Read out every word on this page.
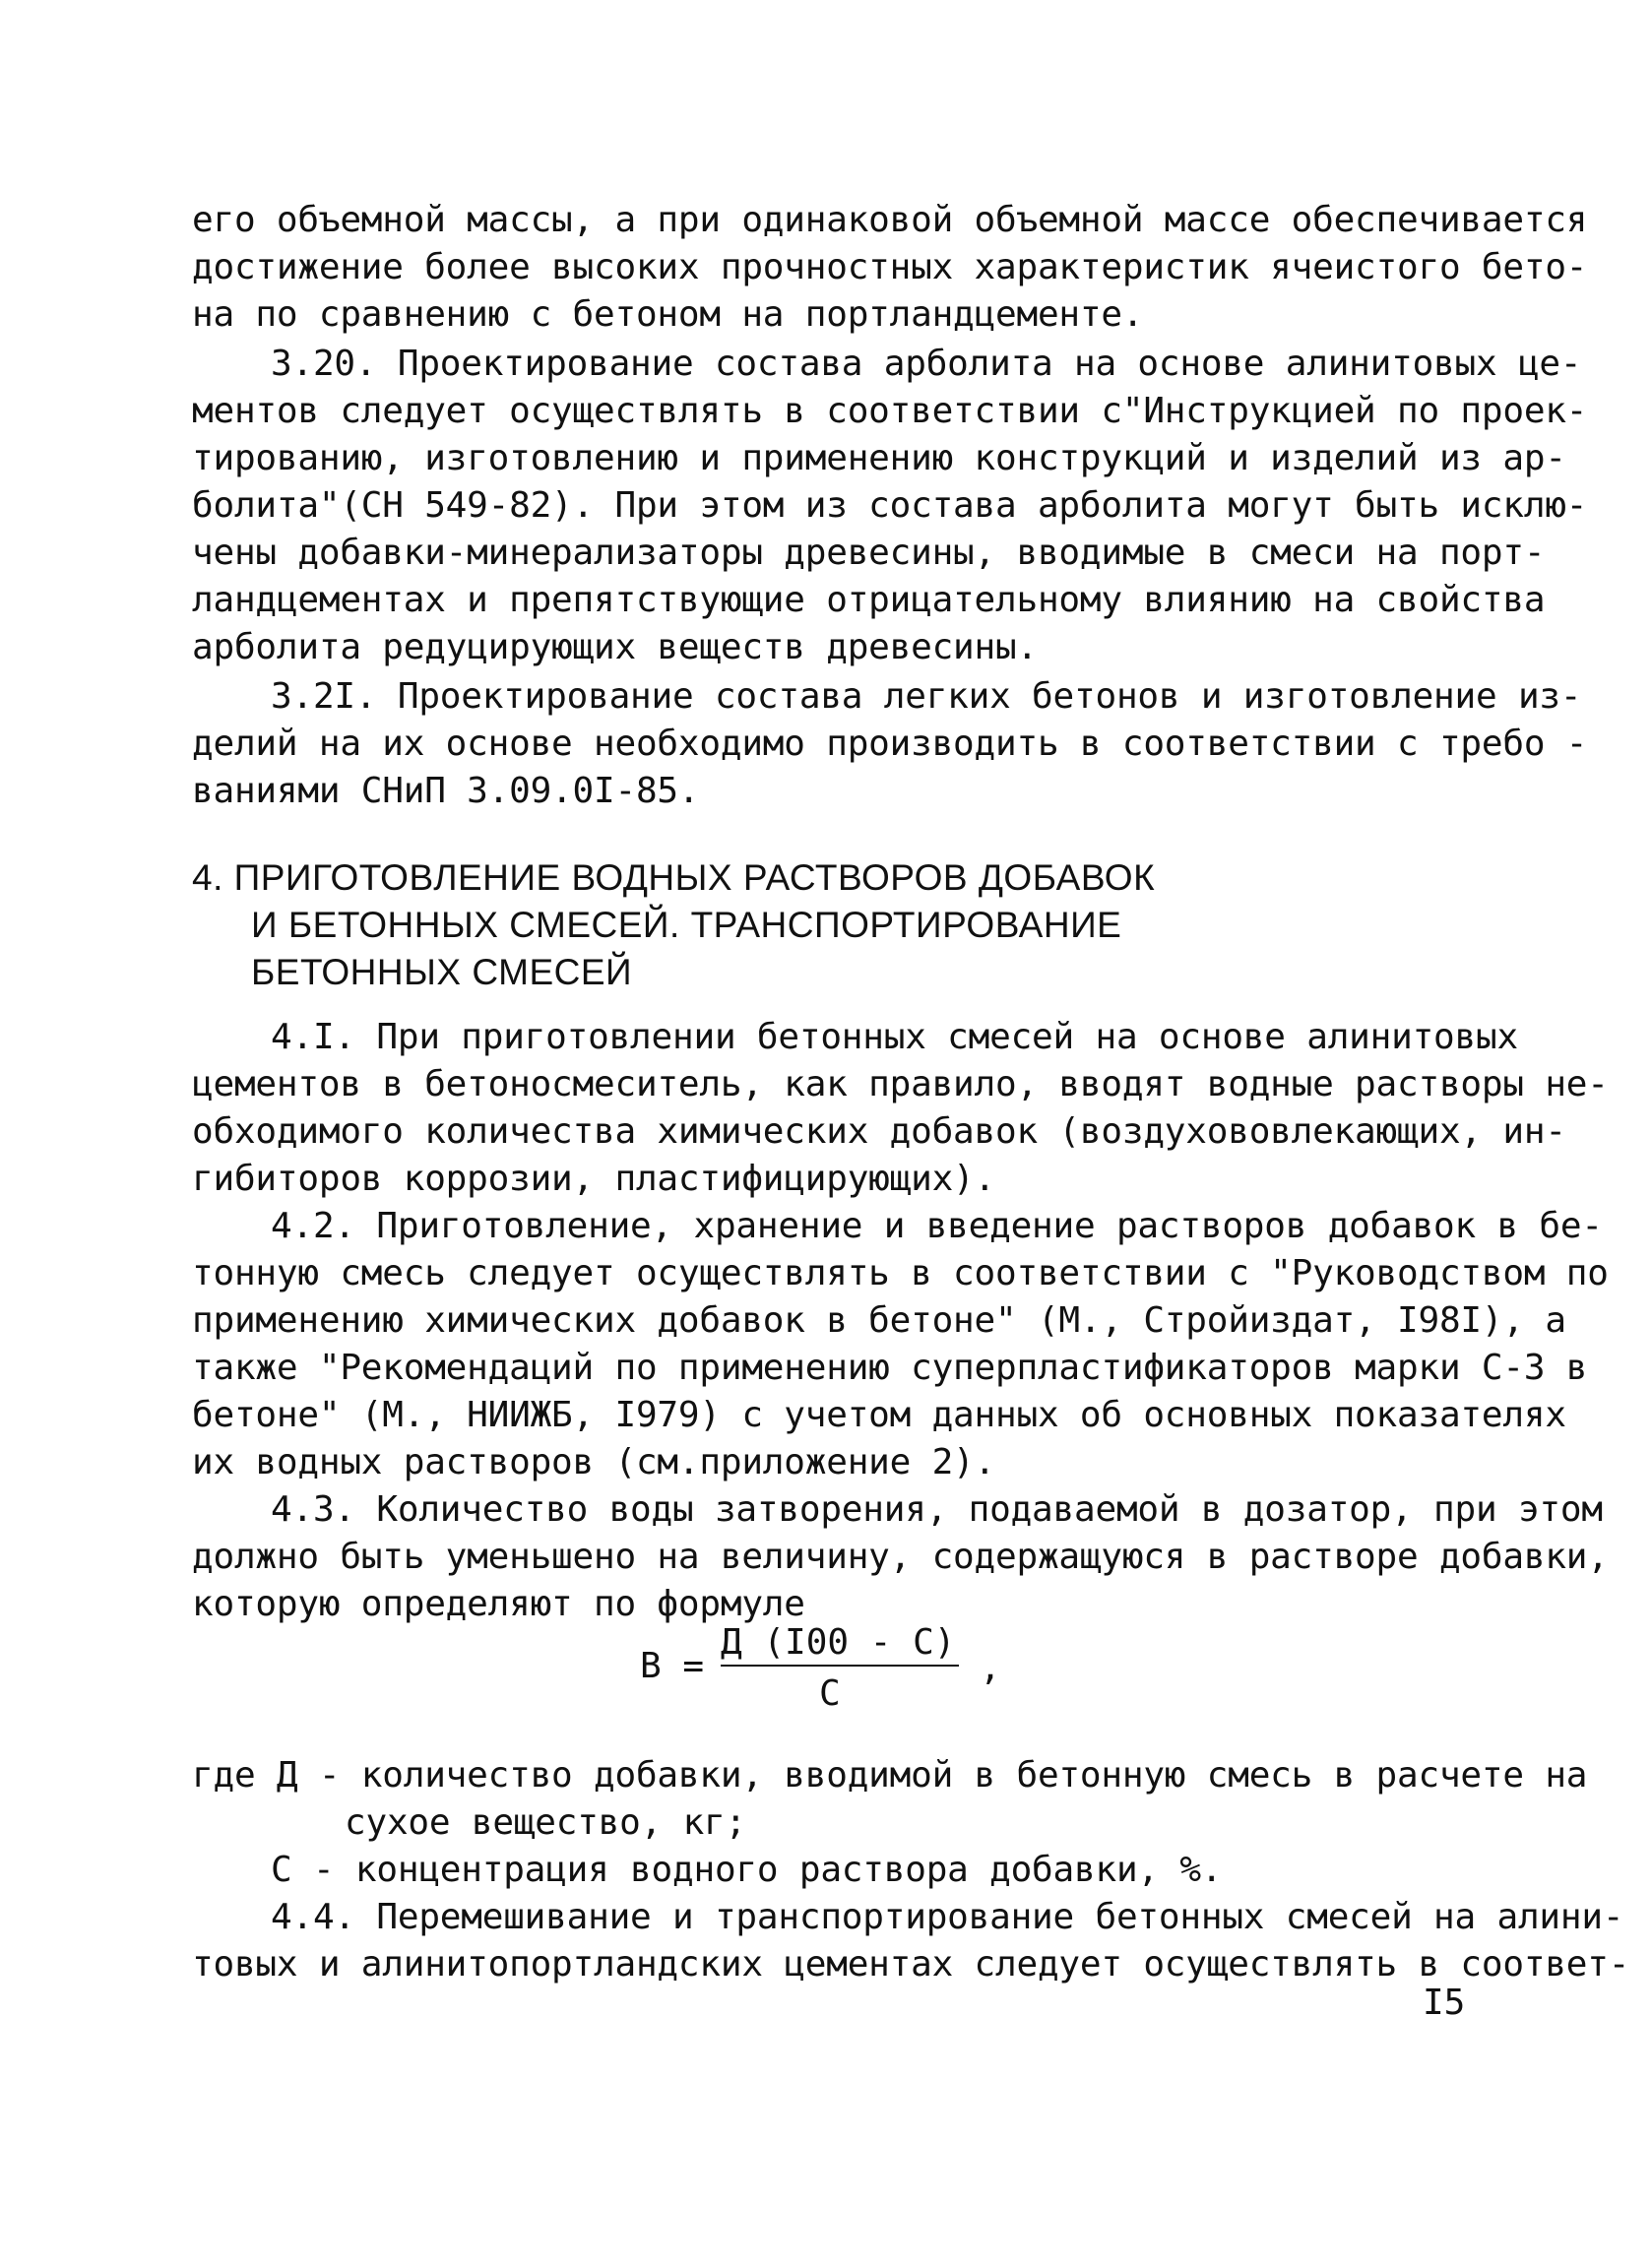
его объемной массы, а при одинаковой объемной массе обеспечивается
достижение более высоких прочностных характеристик ячеистого бето-
на по сравнению с бетоном на портландцементе.
3.20. Проектирование состава арболита на основе алинитовых це-
ментов следует осуществлять в соответствии с"Инструкцией по проек-
тированию, изготовлению и применению конструкций и изделий из ар-
болита"(СН 549-82). При этом из состава арболита могут быть исклю-
чены добавки-минерализаторы древесины, вводимые в смеси на порт-
ландцементах и препятствующие отрицательному влиянию на свойства
арболита редуцирующих веществ древесины.
3.2I. Проектирование состава легких бетонов и изготовление из-
делий на их основе необходимо производить в соответствии с требо -
ваниями СНиП 3.09.0I-85.
4. ПРИГОТОВЛЕНИЕ ВОДНЫХ РАСТВОРОВ ДОБАВОК
И БЕТОННЫХ СМЕСЕЙ. ТРАНСПОРТИРОВАНИЕ
БЕТОННЫХ СМЕСЕЙ
4.I. При приготовлении бетонных смесей на основе алинитовых
цементов в бетоносмеситель, как правило, вводят водные растворы не-
обходимого количества химических добавок (воздухововлекающих, ин-
гибиторов коррозии, пластифицирующих).
4.2. Приготовление, хранение и введение растворов добавок в бе-
тонную смесь следует осуществлять в соответствии с "Руководством по
применению химических добавок в бетоне" (М., Стройиздат, I98I), а
также "Рекомендаций по применению суперпластификаторов марки С-3 в
бетоне" (М., НИИЖБ, I979) с учетом данных об основных показателях
их водных растворов (см.приложение 2).
4.3. Количество воды затворения, подаваемой в дозатор, при этом
должно быть уменьшено на величину, содержащуюся в растворе добавки,
которую определяют по формуле
В =
Д (I00 - С)
С
,
где Д - количество добавки, вводимой в бетонную смесь в расчете на
сухое вещество, кг;
С - концентрация водного раствора добавки, %.
4.4. Перемешивание и транспортирование бетонных смесей на алини-
товых и алинитопортландских цементах следует осуществлять в соответ-
I5
